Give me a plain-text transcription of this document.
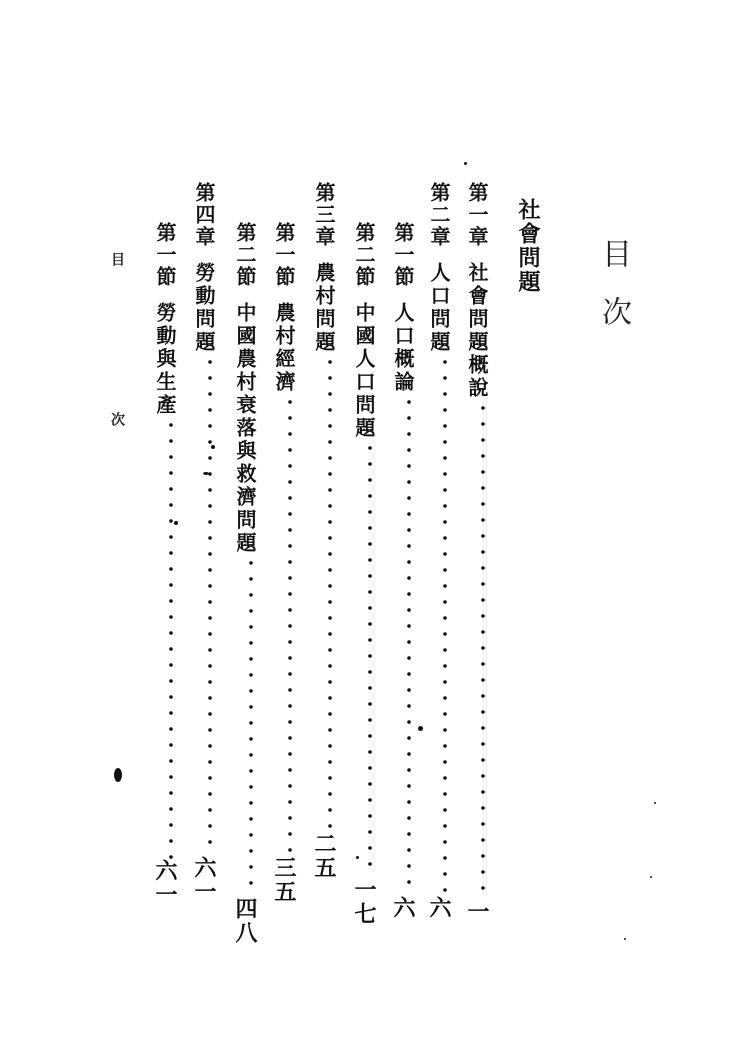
目次
社會問題
第一章社會問題概說一
第二章人口問題六
第一節人口概論六
第二節中國人口問題一七
第三章農村問題二五
第一節農村經濟三五
第二節中國農村衰落與救濟問題四八
第四章勞動問題六一
第一節勞動與生產六一
目
次
